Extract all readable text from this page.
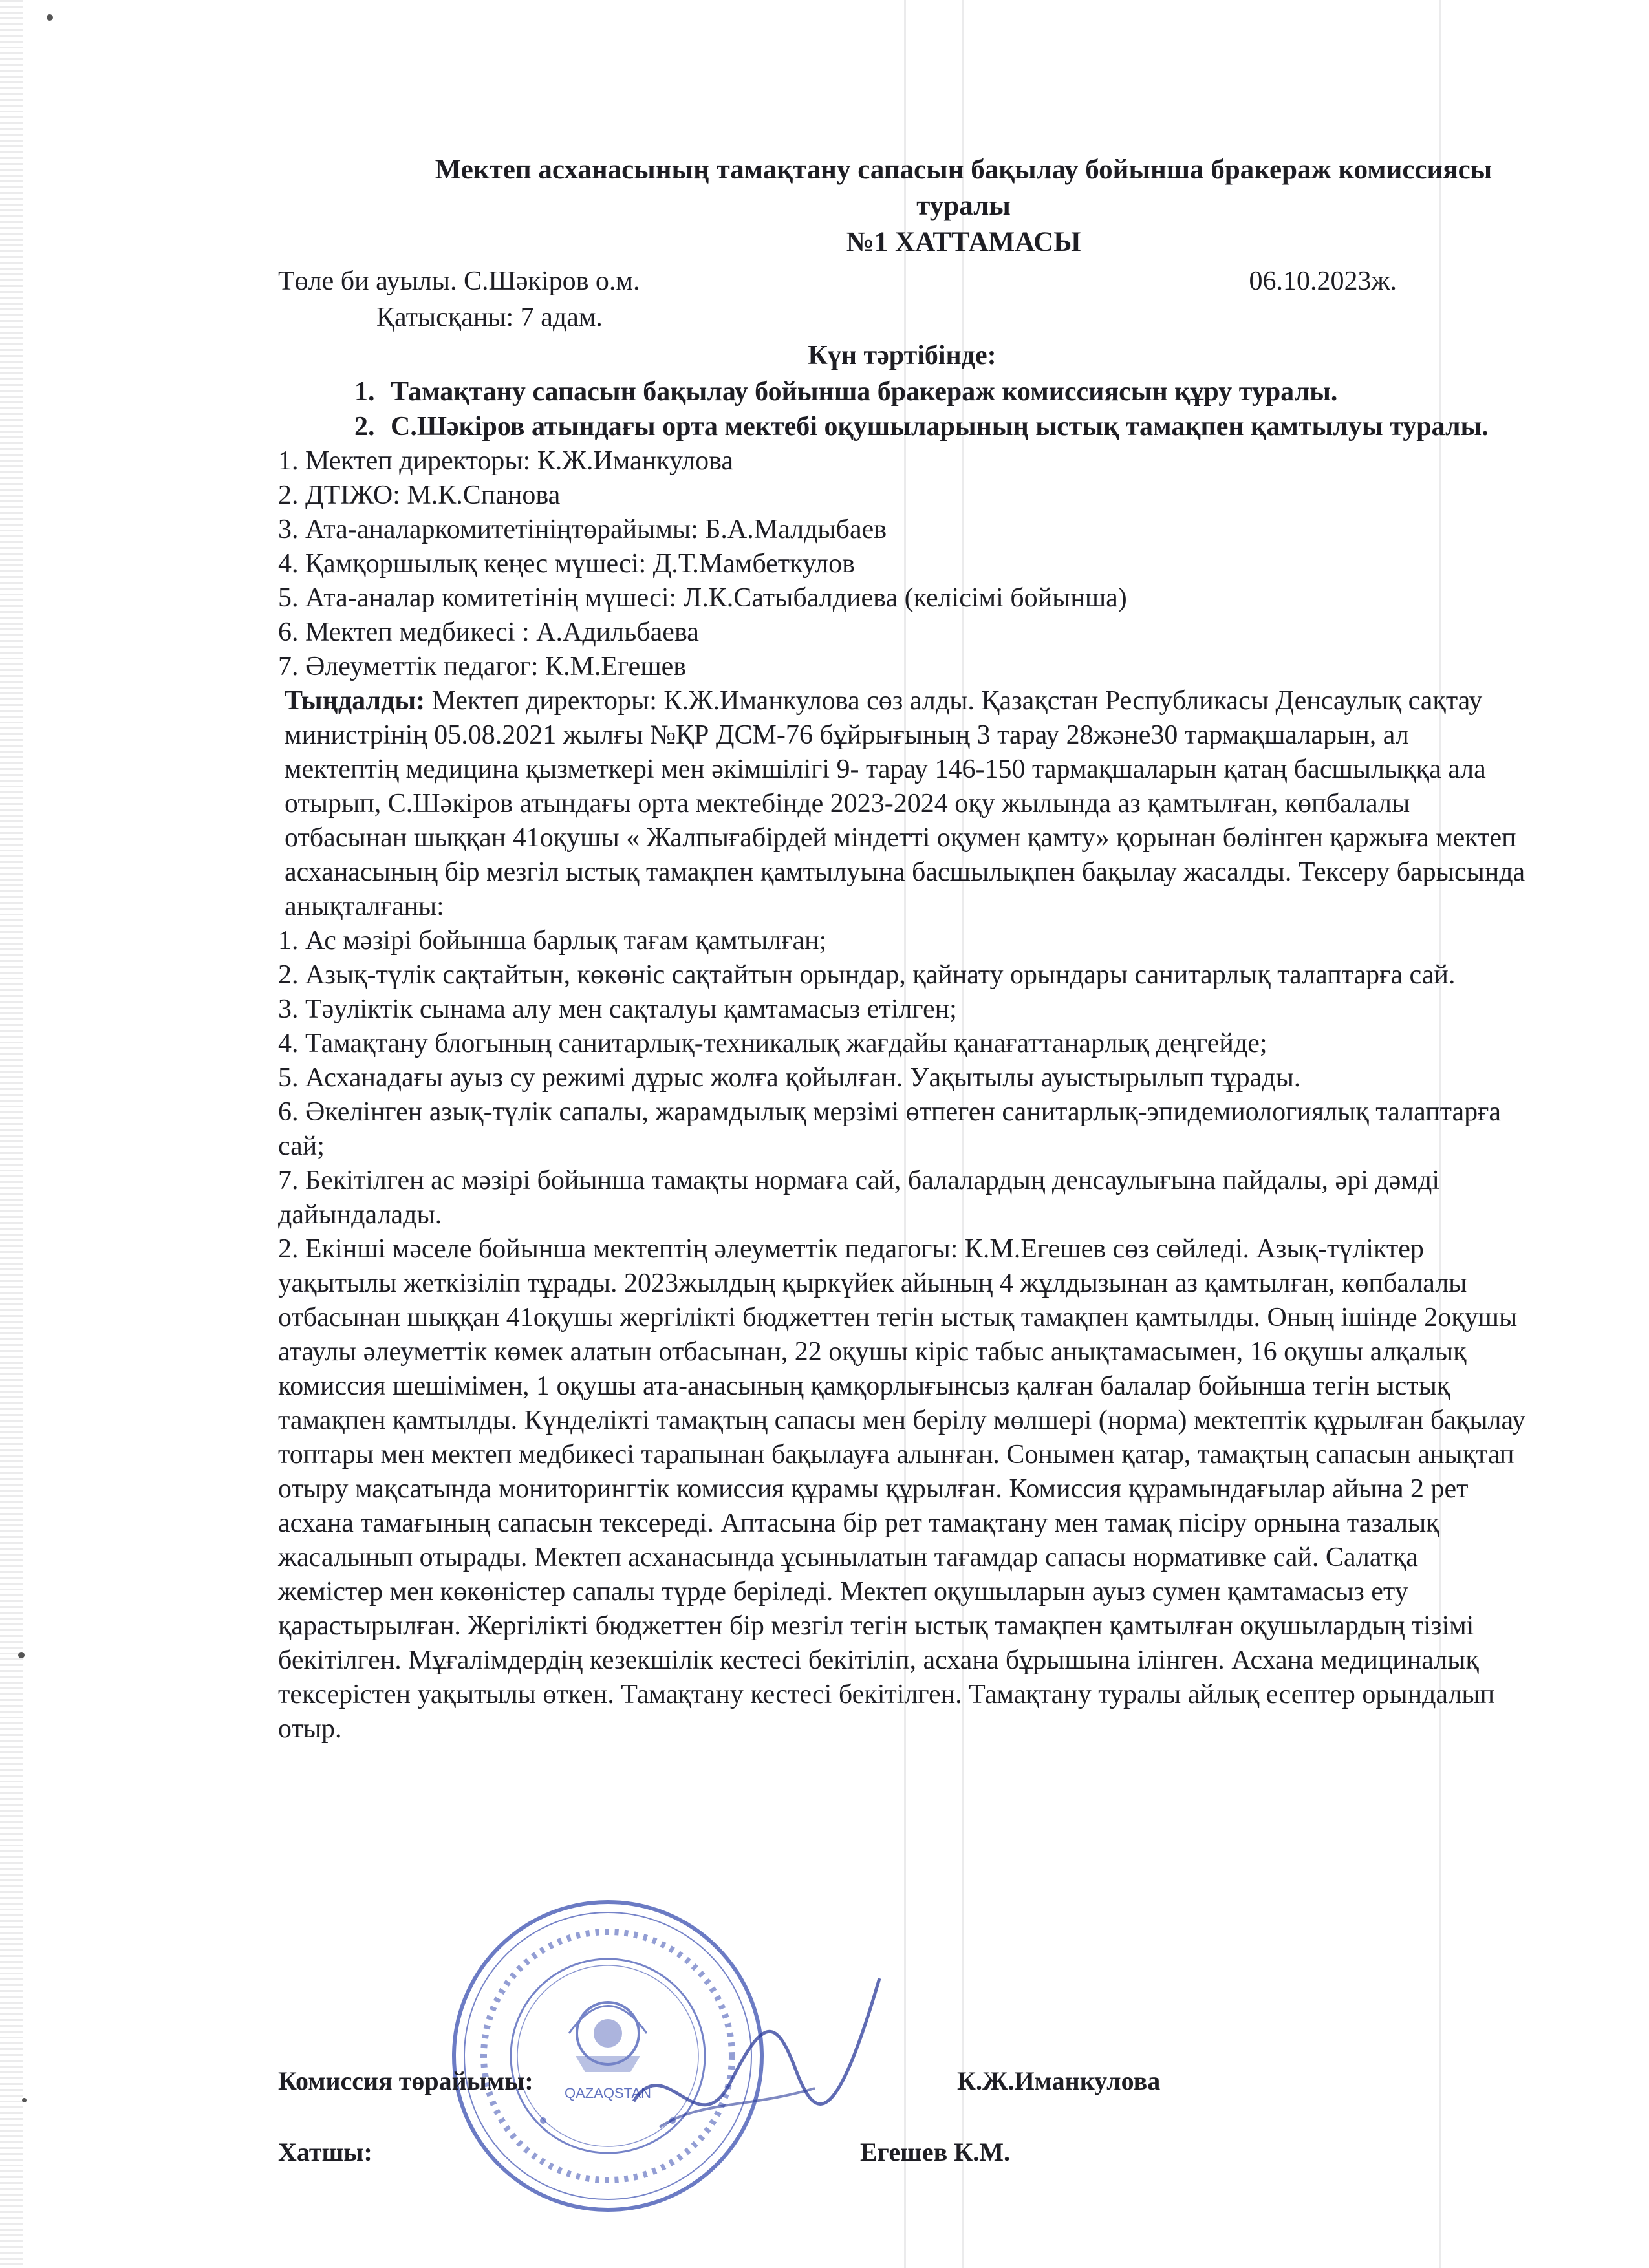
Мектеп асханасының тамақтану сапасын бақылау бойынша бракераж комиссиясы
туралы
№1 ХАТТАМАСЫ
Төле би ауылы. С.Шәкіров о.м.	06.10.2023ж.
Қатысқаны: 7 адам.
Күн тәртібінде:
1. Тамақтану сапасын бақылау бойынша бракераж комиссиясын құру туралы.
2. С.Шәкіров атындағы орта мектебі оқушыларының ыстық тамақпен қамтылуы туралы.
1. Мектеп директоры: К.Ж.Иманкулова
2. ДТІЖО: М.К.Спанова
3. Ата-аналаркомитетініңтөрайымы: Б.А.Малдыбаев
4. Қамқоршылық кеңес мүшесі: Д.Т.Мамбеткулов
5. Ата-аналар комитетінің мүшесі: Л.К.Сатыбалдиева (келісімі бойынша)
6. Мектеп медбикесі : А.Адильбаева
7. Әлеуметтік педагог: К.М.Егешев

Тыңдалды: Мектеп директоры: К.Ж.Иманкулова сөз алды. Қазақстан Республикасы Денсаулық сақтау министрінің 05.08.2021 жылғы №ҚР ДСМ-76 бұйрығының 3 тарау 28және30 тармақшаларын, ал мектептің медицина қызметкері мен әкімшілігі 9- тарау 146-150 тармақшаларын қатаң басшылыққа ала отырып, С.Шәкіров атындағы орта мектебінде 2023-2024 оқу жылында аз қамтылған, көпбалалы отбасынан шыққан 41оқушы « Жалпығабірдей міндетті оқумен қамту» қорынан бөлінген қаржыға мектеп асханасының бір мезгіл ыстық тамақпен қамтылуына басшылықпен бақылау жасалды. Тексеру барысында анықталғаны:

1. Ас мәзірі бойынша барлық тағам қамтылған;
2. Азық-түлік сақтайтын, көкөніс сақтайтын орындар, қайнату орындары санитарлық талаптарға сай.
3. Тәуліктік сынама алу мен сақталуы қамтамасыз етілген;
4. Тамақтану блогының санитарлық-техникалық жағдайы қанағаттанарлық деңгейде;
5. Асханадағы ауыз су режимі дұрыс жолға қойылған. Уақытылы ауыстырылып тұрады.
6. Әкелінген азық-түлік сапалы, жарамдылық мерзімі өтпеген санитарлық-эпидемиологиялық талаптарға сай;
7. Бекітілген ас мәзірі бойынша тамақты нормаға сай, балалардың денсаулығына пайдалы, әрі дәмді дайындалады.

2. Екінші мәселе бойынша мектептің әлеуметтік педагогы: К.М.Егешев сөз сөйледі. Азық-түліктер уақытылы жеткізіліп тұрады. 2023жылдың қыркүйек айының 4 жұлдызынан аз қамтылған, көпбалалы отбасынан шыққан 41оқушы жергілікті бюджеттен тегін ыстық тамақпен қамтылды. Оның ішінде 2оқушы атаулы әлеуметтік көмек алатын отбасынан, 22 оқушы кіріс табыс анықтамасымен, 16 оқушы алқалық комиссия шешімімен, 1 оқушы ата-анасының қамқорлығынсыз қалған балалар бойынша тегін ыстық тамақпен қамтылды. Күнделікті тамақтың сапасы мен берілу мөлшері (норма) мектептік құрылған бақылау топтары мен мектеп медбикесі тарапынан бақылауға алынған. Сонымен қатар, тамақтың сапасын анықтап отыру мақсатында мониторингтік комиссия құрамы құрылған. Комиссия құрамындағылар айына 2 рет асхана тамағының сапасын тексереді. Аптасына бір рет тамақтану мен тамақ пісіру орнына тазалық жасалынып отырады. Мектеп асханасында ұсынылатын тағамдар сапасы нормативке сай. Салатқа жемістер мен көкөністер сапалы түрде беріледі. Мектеп оқушыларын ауыз сумен қамтамасыз ету қарастырылған. Жергілікті бюджеттен бір мезгіл тегін ыстық тамақпен қамтылған оқушылардың тізімі бекітілген. Мұғалімдердің кезекшілік кестесі бекітіліп, асхана бұрышына ілінген. Асхана медициналық тексерістен уақытылы өткен. Тамақтану кестесі бекітілген. Тамақтану туралы айлық есептер орындалып отыр.

QAZAQSTAN
Комиссия төрайымы:	К.Ж.Иманкулова
Хатшы:	Егешев К.М.
